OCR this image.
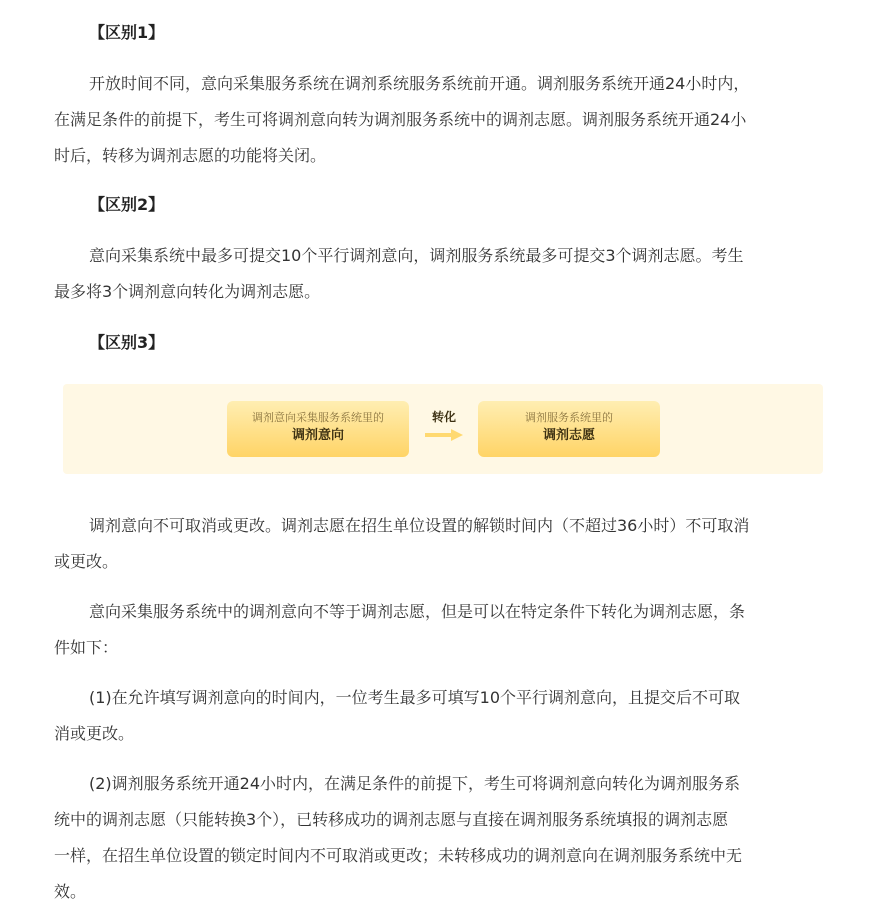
【区别1】
开放时间不同，意向采集服务系统在调剂系统服务系统前开通。调剂服务系统开通24小时内，
在满足条件的前提下，考生可将调剂意向转为调剂服务系统中的调剂志愿。调剂服务系统开通24小
时后，转移为调剂志愿的功能将关闭。
【区别2】
意向采集系统中最多可提交10个平行调剂意向，调剂服务系统最多可提交3个调剂志愿。考生
最多将3个调剂意向转化为调剂志愿。
【区别3】
调剂意向采集服务系统里的
调剂意向
转化	调剂服务系统里的
调剂志愿
调剂意向不可取消或更改。调剂志愿在招生单位设置的解锁时间内（不超过36小时）不可取消
或更改。
意向采集服务系统中的调剂意向不等于调剂志愿，但是可以在特定条件下转化为调剂志愿，条
件如下：
(1)在允许填写调剂意向的时间内，一位考生最多可填写10个平行调剂意向，且提交后不可取
消或更改。
(2)调剂服务系统开通24小时内，在满足条件的前提下，考生可将调剂意向转化为调剂服务系
统中的调剂志愿（只能转换3个），已转移成功的调剂志愿与直接在调剂服务系统填报的调剂志愿
一样，在招生单位设置的锁定时间内不可取消或更改；未转移成功的调剂意向在调剂服务系统中无
效。
